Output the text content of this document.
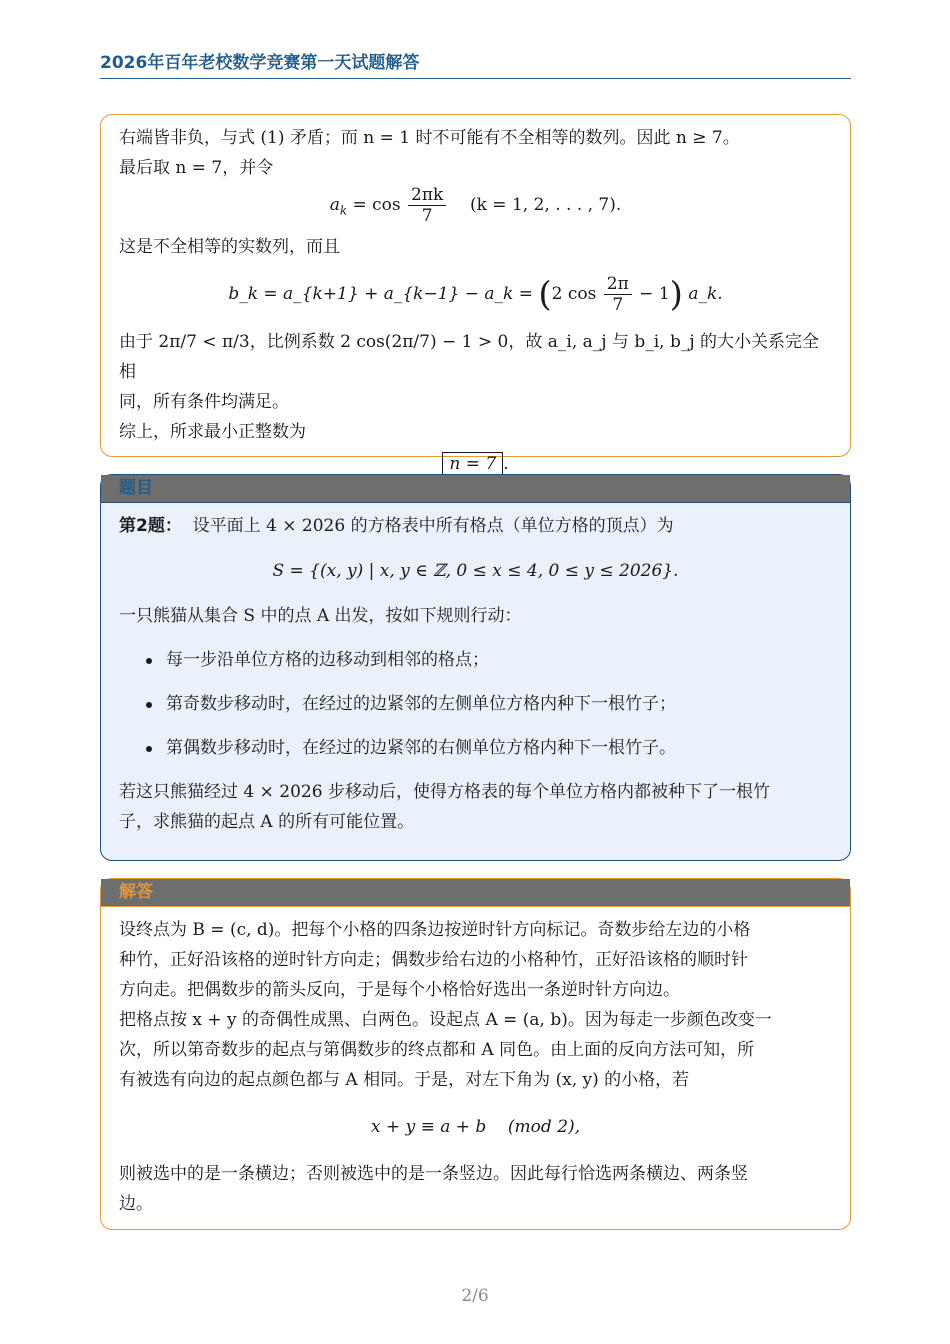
2026年百年老校数学竞赛第一天试题解答

右端皆非负，与式 (1) 矛盾；而 n = 1 时不可能有不全相等的数列。因此 n ≥ 7。

最后取 n = 7，并令

$a_k = \cos \frac{2\pi k}{7} (k = 1$, 2, . . . , 7).

这是不全相等的实数列，而且

b_k = a_{k+1} + a_{k−1} − a_k = (2 $\cos \frac{2\pi}{7} - 1$) a_k.

由于 2π/7 < π/3，比例系数 2 cos(2π/7) − 1 > 0，故 a_i, a_j 与 b_i, b_j 的大小关系完全相

同，所有条件均满足。

综上，所求最小正整数为

n = 7 .

题目

第2题： 设平面上 4 × 2026 的方格表中所有格点（单位方格的顶点）为

S = {(x, y) | x, y ∈ ℤ, 0 ≤ x ≤ 4, 0 ≤ y ≤ 2026}.

一只熊猫从集合 S 中的点 A 出发，按如下规则行动：

每一步沿单位方格的边移动到相邻的格点；
第奇数步移动时，在经过的边紧邻的左侧单位方格内种下一根竹子；
第偶数步移动时，在经过的边紧邻的右侧单位方格内种下一根竹子。

若这只熊猫经过 4 × 2026 步移动后，使得方格表的每个单位方格内都被种下了一根竹

子，求熊猫的起点 A 的所有可能位置。

解答

设终点为 B = (c, d)。把每个小格的四条边按逆时针方向标记。奇数步给左边的小格

种竹，正好沿该格的逆时针方向走；偶数步给右边的小格种竹，正好沿该格的顺时针

方向走。把偶数步的箭头反向，于是每个小格恰好选出一条逆时针方向边。

把格点按 x + y 的奇偶性成黑、白两色。设起点 A = (a, b)。因为每走一步颜色改变一

次，所以第奇数步的起点与第偶数步的终点都和 A 同色。由上面的反向方法可知，所

有被选有向边的起点颜色都与 A 相同。于是，对左下角为 (x, y) 的小格，若

x + y ≡ a + b    (mod 2),

则被选中的是一条横边；否则被选中的是一条竖边。因此每行恰选两条横边、两条竖

边。

2/6
